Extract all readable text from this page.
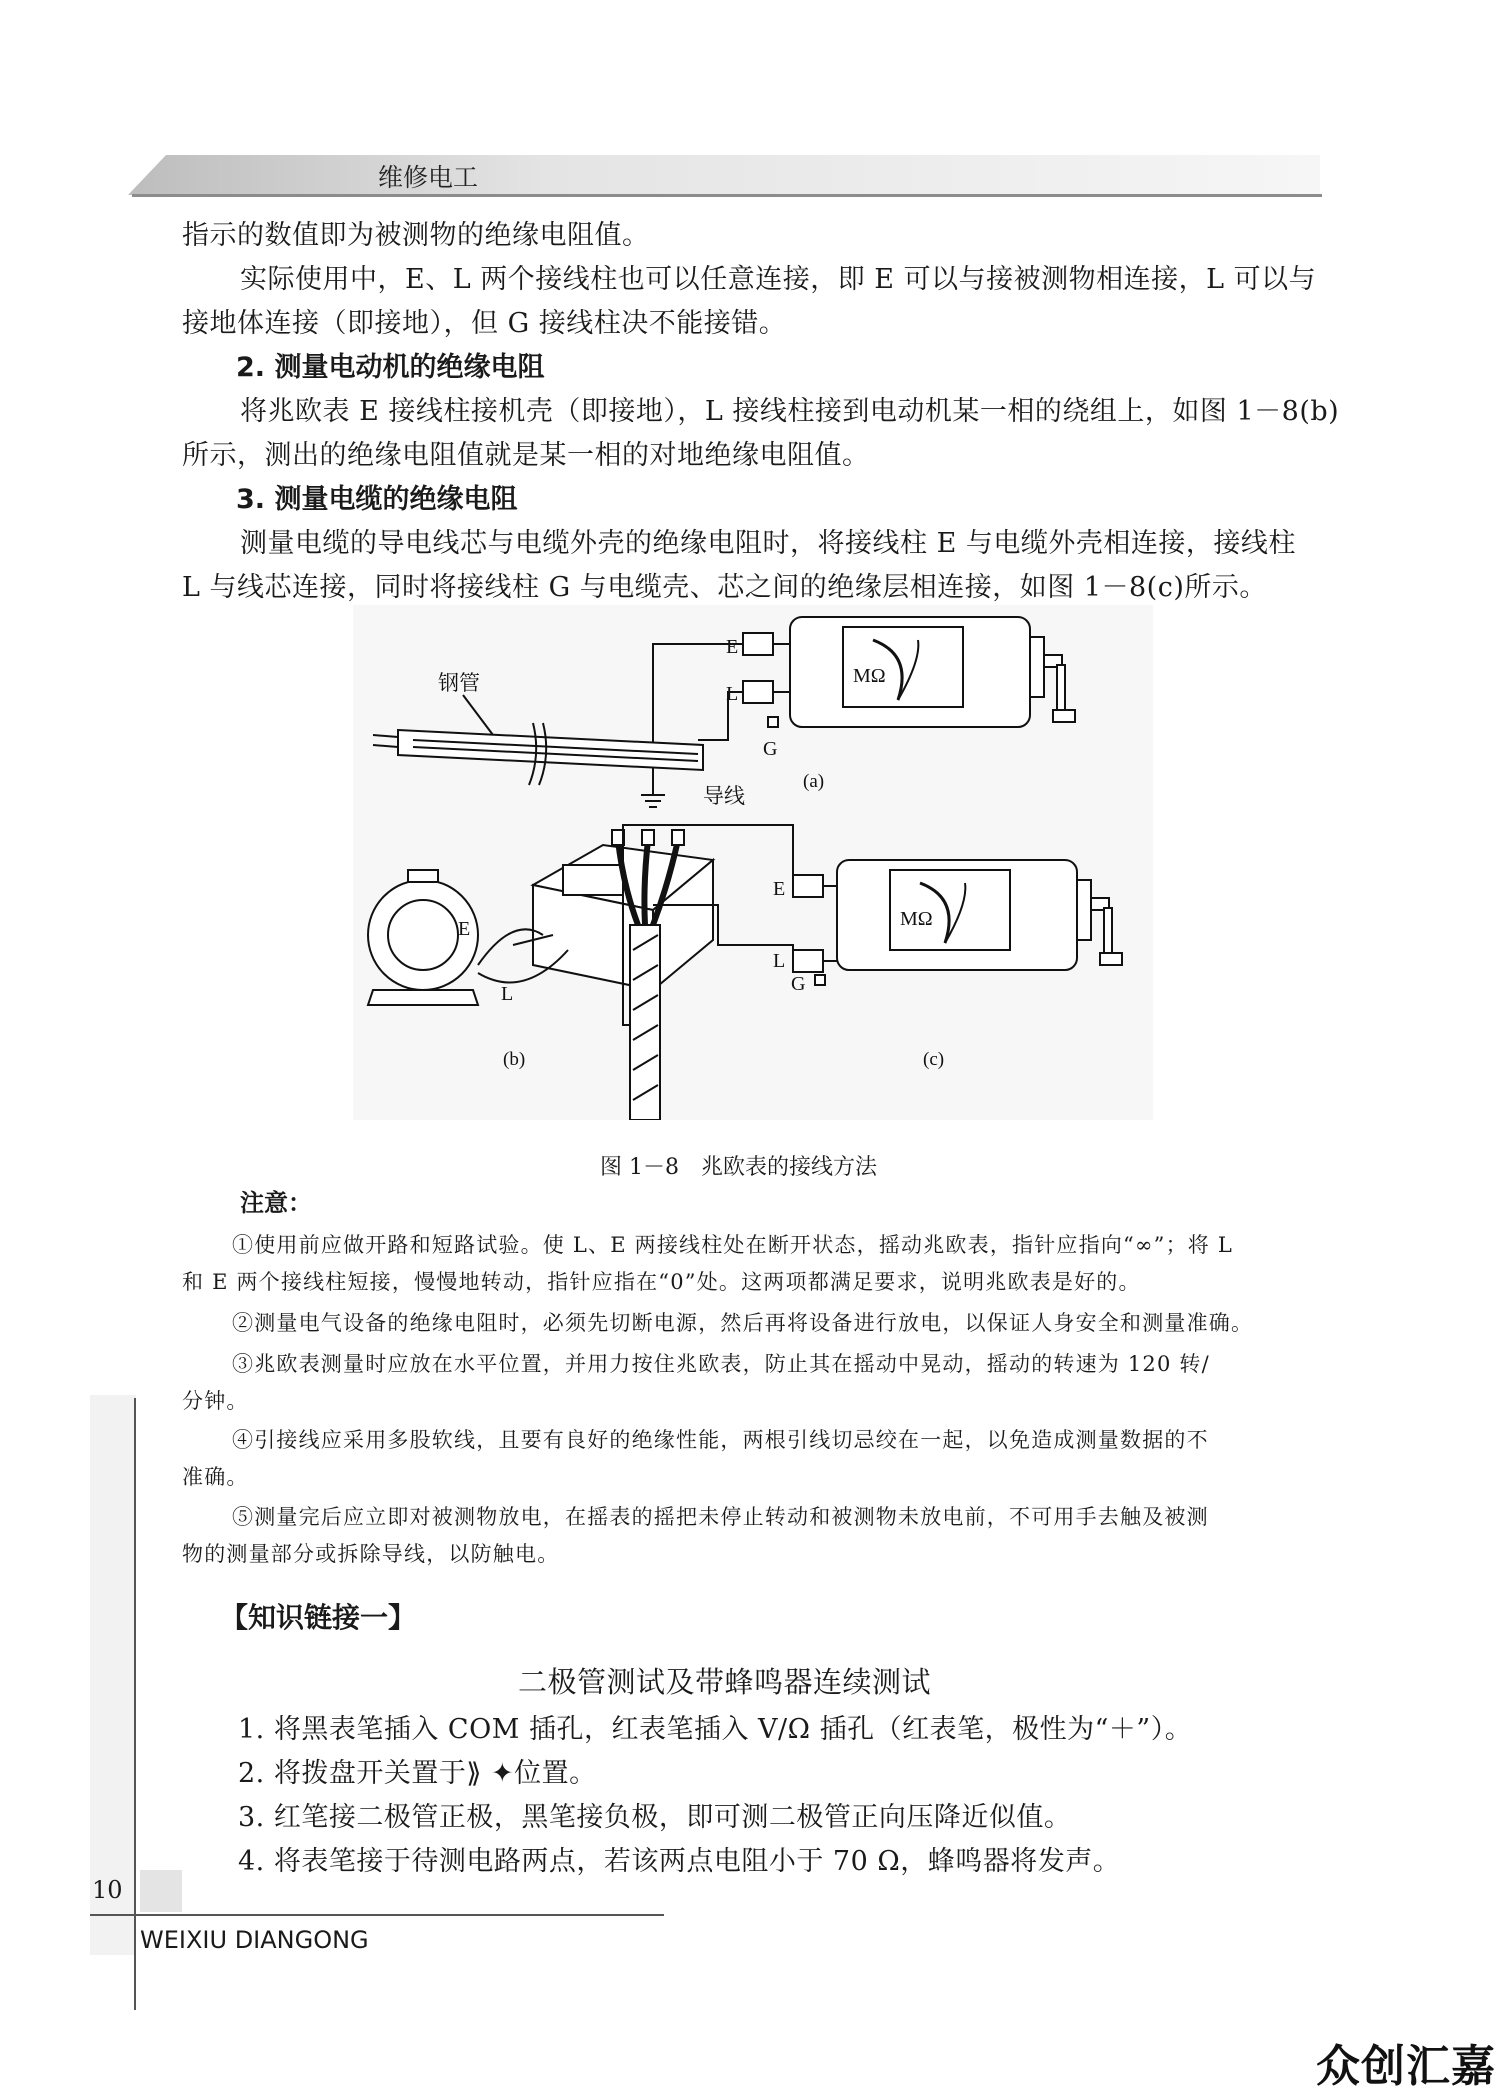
维修电工
指示的数值即为被测物的绝缘电阻值。
实际使用中，E、L 两个接线柱也可以任意连接，即 E 可以与接被测物相连接，L 可以与
接地体连接（即接地），但 G 接线柱决不能接错。
2. 测量电动机的绝缘电阻
将兆欧表 E 接线柱接机壳（即接地），L 接线柱接到电动机某一相的绕组上，如图 1－8(b)
所示，测出的绝缘电阻值就是某一相的对地绝缘电阻值。
3. 测量电缆的绝缘电阻
测量电缆的导电线芯与电缆外壳的绝缘电阻时，将接线柱 E 与电缆外壳相连接，接线柱
L 与线芯连接，同时将接线柱 G 与电缆壳、芯之间的绝缘层相连接，如图 1－8(c)所示。
E
L
G
MΩ
钢管
导线
(a)
E
L
(b)
E
L
G
MΩ
(c)
图 1－8　兆欧表的接线方法
注意：
①使用前应做开路和短路试验。使 L、E 两接线柱处在断开状态，摇动兆欧表，指针应指向“∞”；将 L
和 E 两个接线柱短接，慢慢地转动，指针应指在“0”处。这两项都满足要求，说明兆欧表是好的。
②测量电气设备的绝缘电阻时，必须先切断电源，然后再将设备进行放电，以保证人身安全和测量准确。
③兆欧表测量时应放在水平位置，并用力按住兆欧表，防止其在摇动中晃动，摇动的转速为 120 转/
分钟。
④引接线应采用多股软线，且要有良好的绝缘性能，两根引线切忌绞在一起，以免造成测量数据的不
准确。
⑤测量完后应立即对被测物放电，在摇表的摇把未停止转动和被测物未放电前，不可用手去触及被测
物的测量部分或拆除导线，以防触电。
【知识链接一】
二极管测试及带蜂鸣器连续测试
1. 将黑表笔插入 COM 插孔，红表笔插入 V/Ω 插孔（红表笔，极性为“＋”）。
2. 将拨盘开关置于⟫ ✦位置。
3. 红笔接二极管正极，黑笔接负极，即可测二极管正向压降近似值。
4. 将表笔接于待测电路两点，若该两点电阻小于 70 Ω，蜂鸣器将发声。
10
WEIXIU DIANGONG
众创汇嘉
